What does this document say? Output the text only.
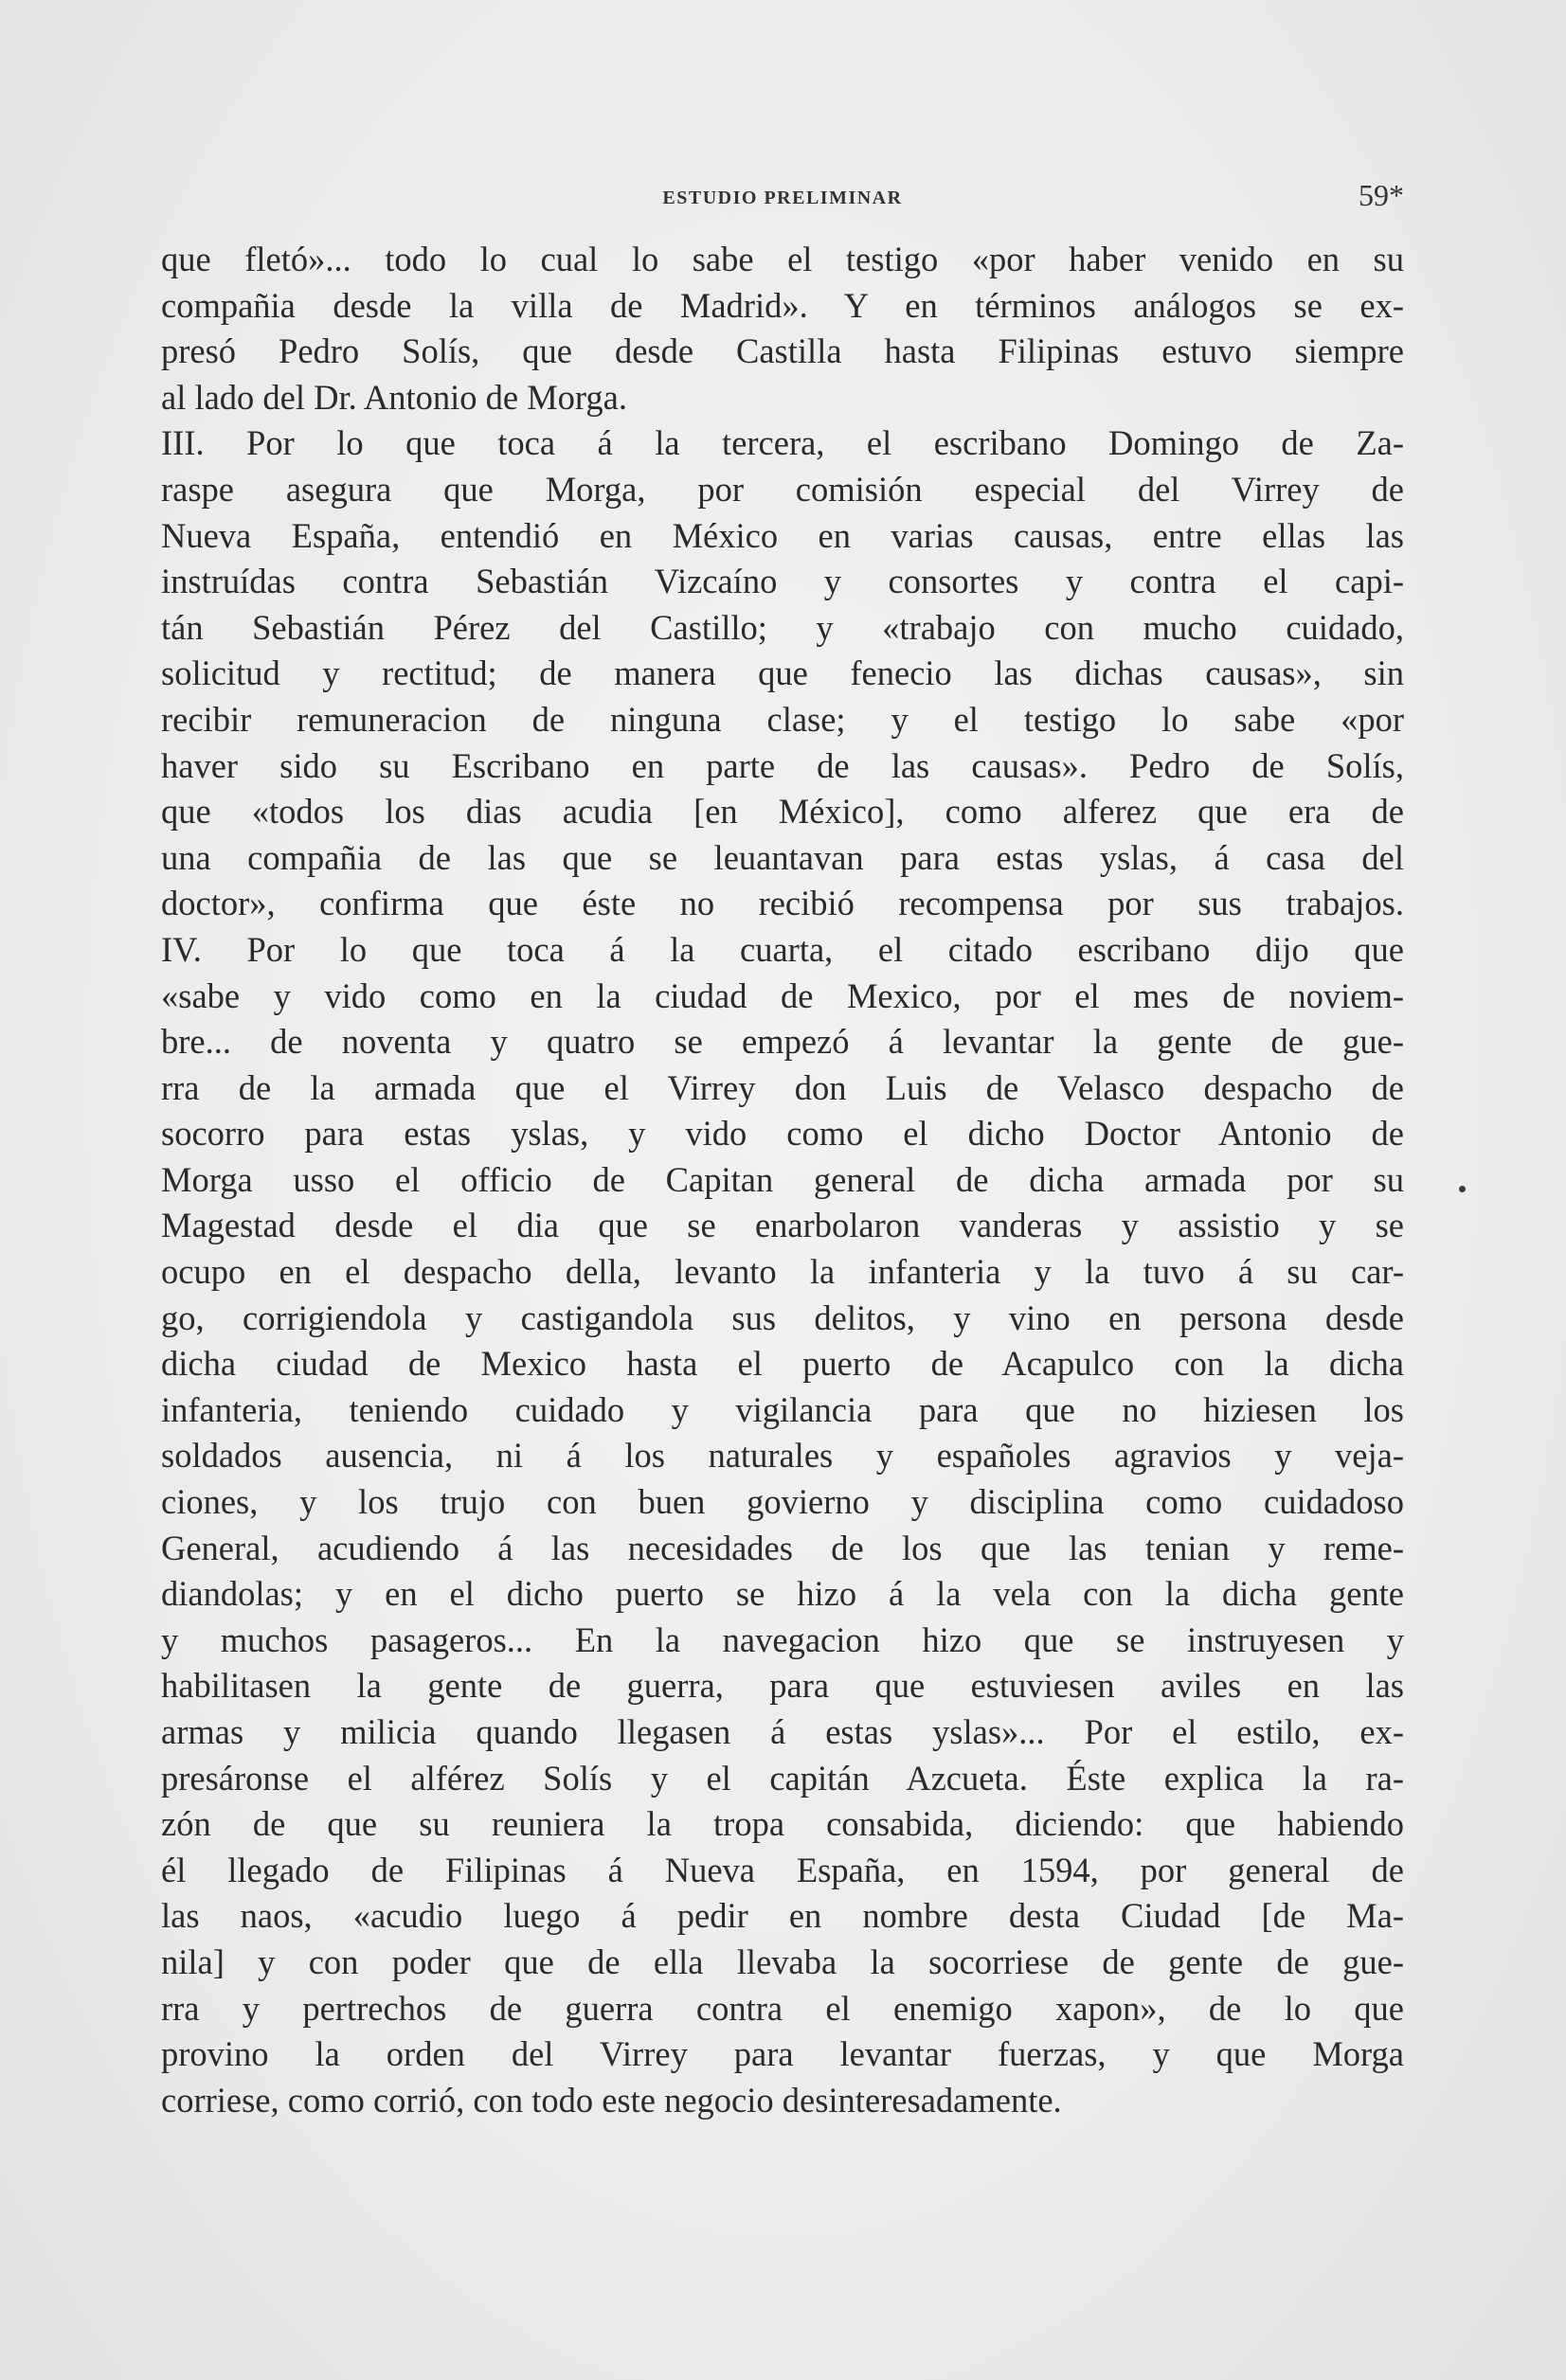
ESTUDIO PRELIMINAR	59*
que fletó»... todo lo cual lo sabe el testigo «por haber venido en su
compañia desde la villa de Madrid». Y en términos análogos se ex-
presó Pedro Solís, que desde Castilla hasta Filipinas estuvo siempre
al lado del Dr. Antonio de Morga.
III. Por lo que toca á la tercera, el escribano Domingo de Za-
raspe asegura que Morga, por comisión especial del Virrey de
Nueva España, entendió en México en varias causas, entre ellas las
instruídas contra Sebastián Vizcaíno y consortes y contra el capi-
tán Sebastián Pérez del Castillo; y «trabajo con mucho cuidado,
solicitud y rectitud; de manera que fenecio las dichas causas», sin
recibir remuneracion de ninguna clase; y el testigo lo sabe «por
haver sido su Escribano en parte de las causas». Pedro de Solís,
que «todos los dias acudia [en México], como alferez que era de
una compañia de las que se leuantavan para estas yslas, á casa del
doctor», confirma que éste no recibió recompensa por sus trabajos.
IV. Por lo que toca á la cuarta, el citado escribano dijo que
«sabe y vido como en la ciudad de Mexico, por el mes de noviem-
bre... de noventa y quatro se empezó á levantar la gente de gue-
rra de la armada que el Virrey don Luis de Velasco despacho de
socorro para estas yslas, y vido como el dicho Doctor Antonio de
Morga usso el officio de Capitan general de dicha armada por su
Magestad desde el dia que se enarbolaron vanderas y assistio y se
ocupo en el despacho della, levanto la infanteria y la tuvo á su car-
go, corrigiendola y castigandola sus delitos, y vino en persona desde
dicha ciudad de Mexico hasta el puerto de Acapulco con la dicha
infanteria, teniendo cuidado y vigilancia para que no hiziesen los
soldados ausencia, ni á los naturales y españoles agravios y veja-
ciones, y los trujo con buen govierno y disciplina como cuidadoso
General, acudiendo á las necesidades de los que las tenian y reme-
diandolas; y en el dicho puerto se hizo á la vela con la dicha gente
y muchos pasageros... En la navegacion hizo que se instruyesen y
habilitasen la gente de guerra, para que estuviesen aviles en las
armas y milicia quando llegasen á estas yslas»... Por el estilo, ex-
presáronse el alférez Solís y el capitán Azcueta. Éste explica la ra-
zón de que su reuniera la tropa consabida, diciendo: que habiendo
él llegado de Filipinas á Nueva España, en 1594, por general de
las naos, «acudio luego á pedir en nombre desta Ciudad [de Ma-
nila] y con poder que de ella llevaba la socorriese de gente de gue-
rra y pertrechos de guerra contra el enemigo xapon», de lo que
provino la orden del Virrey para levantar fuerzas, y que Morga
corriese, como corrió, con todo este negocio desinteresadamente.
